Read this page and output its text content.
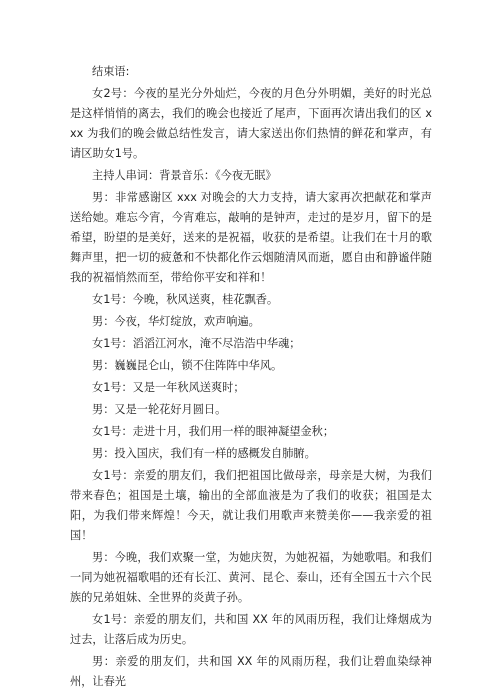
结束语:

女2号：今夜的星光分外灿烂，今夜的月色分外明媚，美好的时光总是这样悄悄的离去，我们的晚会也接近了尾声，下面再次请出我们的区 xxx 为我们的晚会做总结性发言，请大家送出你们热情的鲜花和掌声，有请区助女1号。

主持人串词：背景音乐：《今夜无眠》

男：非常感谢区 xxx 对晚会的大力支持，请大家再次把献花和掌声送给她。难忘今宵，今宵难忘，敲响的是钟声，走过的是岁月，留下的是希望，盼望的是美好，送来的是祝福，收获的是希望。让我们在十月的歌舞声里，把一切的疲惫和不快都化作云烟随清风而逝，愿自由和静谧伴随我的祝福悄然而至，带给你平安和祥和！

女1号：今晚，秋风送爽，桂花飘香。

男：今夜，华灯绽放，欢声响遍。

女1号：滔滔江河水，淹不尽浩浩中华魂；

男：巍巍昆仑山，锁不住阵阵中华风。

女1号：又是一年秋风送爽时；

男：又是一轮花好月圆日。

女1号：走进十月，我们用一样的眼神凝望金秋；

男：投入国庆，我们有一样的感概发自肺腑。

女1号：亲爱的朋友们，我们把祖国比做母亲，母亲是大树，为我们带来春色；祖国是土壤，输出的全部血液是为了我们的收获；祖国是太阳，为我们带来辉煌！今天，就让我们用歌声来赞美你——我亲爱的祖国！

男：今晚，我们欢聚一堂，为她庆贺，为她祝福，为她歌唱。和我们一同为她祝福歌唱的还有长江、黄河、昆仑、泰山，还有全国五十六个民族的兄弟姐妹、全世界的炎黄子孙。

女1号：亲爱的朋友们，共和国 XX 年的风雨历程，我们让烽烟成为过去，让落后成为历史。

男：亲爱的朋友们，共和国 XX 年的风雨历程，我们让碧血染绿神州，让春光
